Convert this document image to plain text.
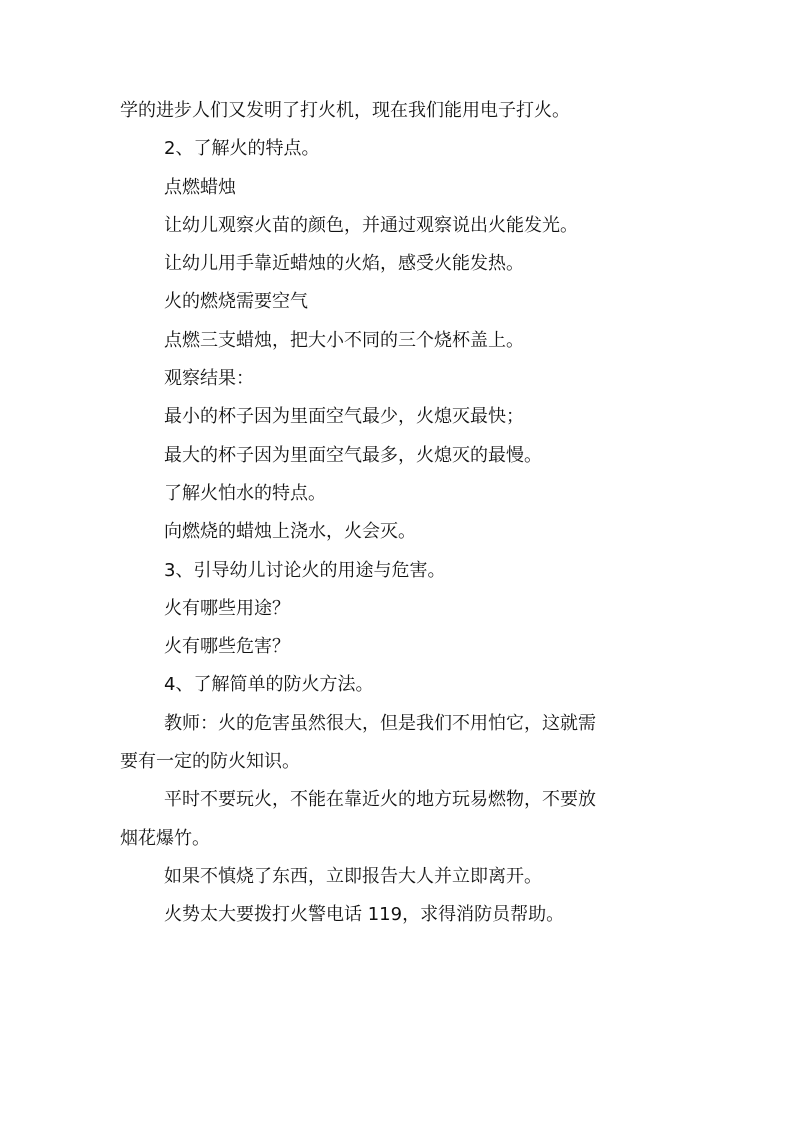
学的进步人们又发明了打火机，现在我们能用电子打火。

2、了解火的特点。

点燃蜡烛

让幼儿观察火苗的颜色，并通过观察说出火能发光。

让幼儿用手靠近蜡烛的火焰，感受火能发热。

火的燃烧需要空气

点燃三支蜡烛，把大小不同的三个烧杯盖上。

观察结果：

最小的杯子因为里面空气最少，火熄灭最快；

最大的杯子因为里面空气最多，火熄灭的最慢。

了解火怕水的特点。

向燃烧的蜡烛上浇水，火会灭。

3、引导幼儿讨论火的用途与危害。

火有哪些用途？

火有哪些危害？

4、了解简单的防火方法。

教师：火的危害虽然很大，但是我们不用怕它，这就需

要有一定的防火知识。

平时不要玩火，不能在靠近火的地方玩易燃物，不要放

烟花爆竹。

如果不慎烧了东西，立即报告大人并立即离开。

火势太大要拨打火警电话 119，求得消防员帮助。
